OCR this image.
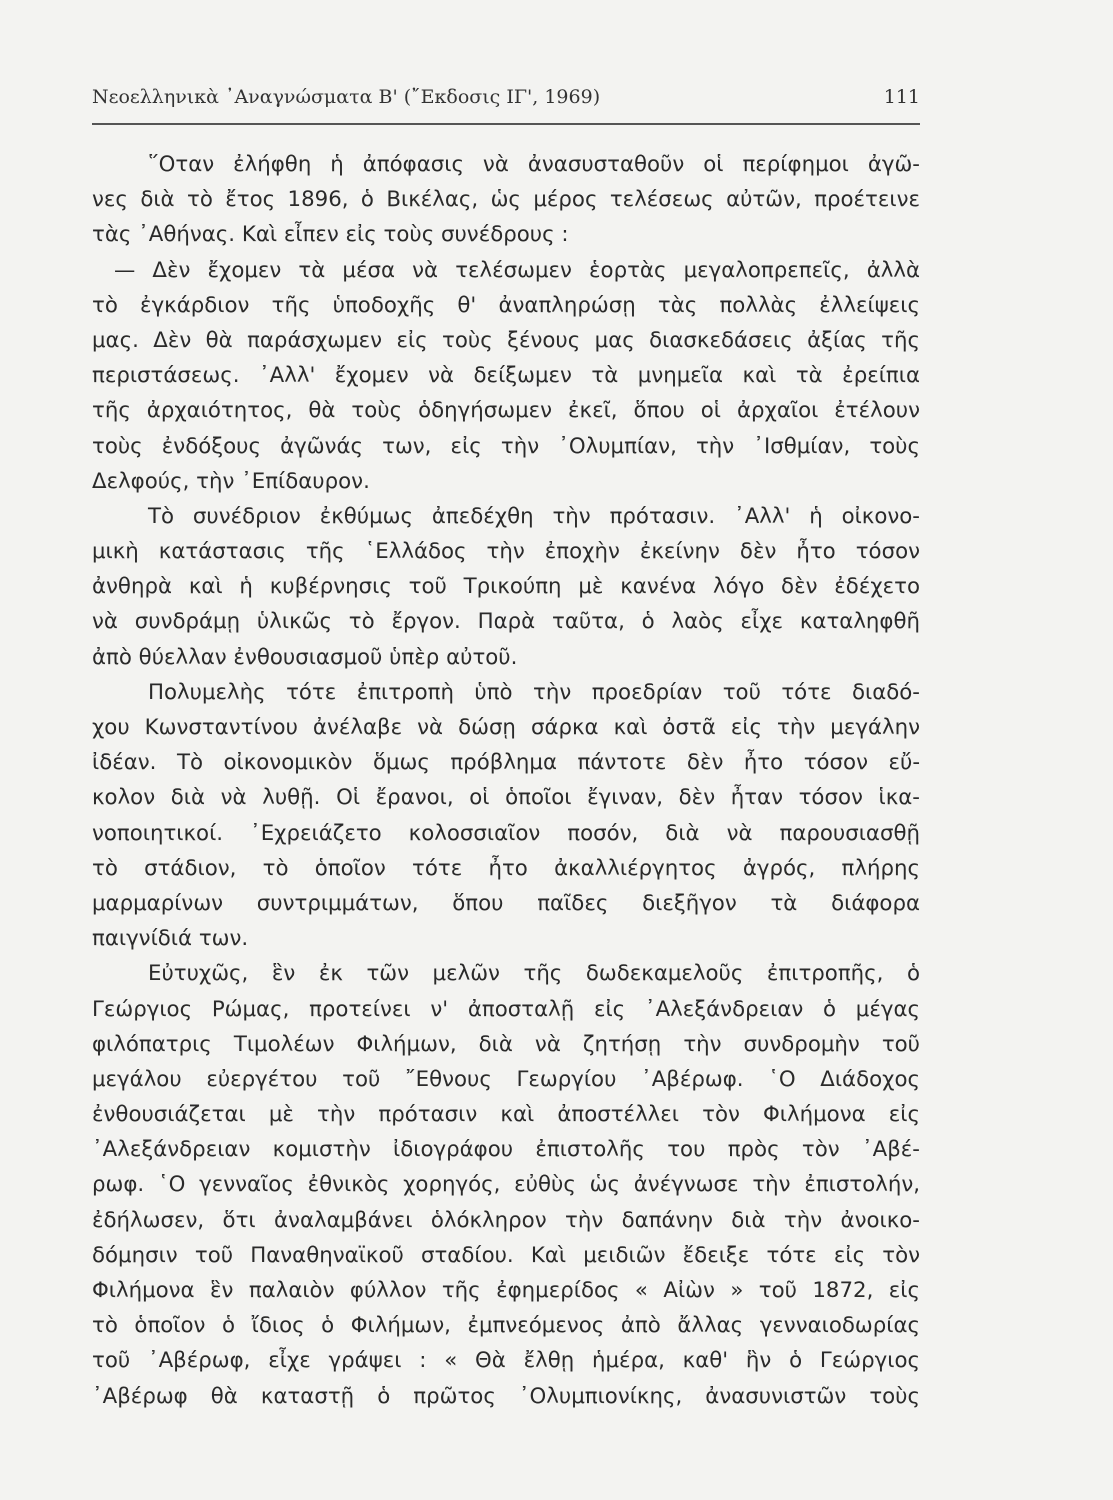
Νεοελληνικὰ ᾿Αναγνώσματα Β' (῎Εκδοσις ΙΓ', 1969)	111
῞Οταν ἐλήφθη ἡ ἀπόφασις νὰ ἀνασυσταθοῦν οἱ περίφημοι ἀγῶ-
νες διὰ τὸ ἔτος 1896, ὁ Βικέλας, ὡς μέρος τελέσεως αὐτῶν, προέτεινε
τὰς ᾿Αθήνας. Καὶ εἶπεν εἰς τοὺς συνέδρους :
— Δὲν ἔχομεν τὰ μέσα νὰ τελέσωμεν ἑορτὰς μεγαλοπρεπεῖς, ἀλλὰ
τὸ ἐγκάρδιον τῆς ὑποδοχῆς θ' ἀναπληρώσῃ τὰς πολλὰς ἐλλείψεις
μας. Δὲν θὰ παράσχωμεν εἰς τοὺς ξένους μας διασκεδάσεις ἀξίας τῆς
περιστάσεως. ᾿Αλλ' ἔχομεν νὰ δείξωμεν τὰ μνημεῖα καὶ τὰ ἐρείπια
τῆς ἀρχαιότητος, θὰ τοὺς ὁδηγήσωμεν ἐκεῖ, ὅπου οἱ ἀρχαῖοι ἐτέλουν
τοὺς ἐνδόξους ἀγῶνάς των, εἰς τὴν ᾿Ολυμπίαν, τὴν ᾿Ισθμίαν, τοὺς
Δελφούς, τὴν ᾿Επίδαυρον.
Τὸ συνέδριον ἐκθύμως ἀπεδέχθη τὴν πρότασιν. ᾿Αλλ' ἡ οἰκονο-
μικὴ κατάστασις τῆς ῾Ελλάδος τὴν ἐποχὴν ἐκείνην δὲν ἦτο τόσον
ἀνθηρὰ καὶ ἡ κυβέρνησις τοῦ Τρικούπη μὲ κανένα λόγο δὲν ἐδέχετο
νὰ συνδράμῃ ὑλικῶς τὸ ἔργον. Παρὰ ταῦτα, ὁ λαὸς εἶχε καταληφθῆ
ἀπὸ θύελλαν ἐνθουσιασμοῦ ὑπὲρ αὐτοῦ.
Πολυμελὴς τότε ἐπιτροπὴ ὑπὸ τὴν προεδρίαν τοῦ τότε διαδό-
χου Κωνσταντίνου ἀνέλαβε νὰ δώσῃ σάρκα καὶ ὀστᾶ εἰς τὴν μεγάλην
ἰδέαν. Τὸ οἰκονομικὸν ὅμως πρόβλημα πάντοτε δὲν ἦτο τόσον εὔ-
κολον διὰ νὰ λυθῇ. Οἱ ἔρανοι, οἱ ὁποῖοι ἔγιναν, δὲν ἦταν τόσον ἱκα-
νοποιητικοί. ᾿Εχρειάζετο κολοσσιαῖον ποσόν, διὰ νὰ παρουσιασθῇ
τὸ στάδιον, τὸ ὁποῖον τότε ἦτο ἀκαλλιέργητος ἀγρός, πλήρης
μαρμαρίνων συντριμμάτων, ὅπου παῖδες διεξῆγον τὰ διάφορα
παιγνίδιά των.
Εὐτυχῶς, ἓν ἐκ τῶν μελῶν τῆς δωδεκαμελοῦς ἐπιτροπῆς, ὁ
Γεώργιος Ρώμας, προτείνει ν' ἀποσταλῇ εἰς ᾿Αλεξάνδρειαν ὁ μέγας
φιλόπατρις Τιμολέων Φιλήμων, διὰ νὰ ζητήσῃ τὴν συνδρομὴν τοῦ
μεγάλου εὐεργέτου τοῦ ῎Εθνους Γεωργίου ᾿Αβέρωφ. ῾Ο Διάδοχος
ἐνθουσιάζεται μὲ τὴν πρότασιν καὶ ἀποστέλλει τὸν Φιλήμονα εἰς
᾿Αλεξάνδρειαν κομιστὴν ἰδιογράφου ἐπιστολῆς του πρὸς τὸν ᾿Αβέ-
ρωφ. ῾Ο γενναῖος ἐθνικὸς χορηγός, εὐθὺς ὡς ἀνέγνωσε τὴν ἐπιστολήν,
ἐδήλωσεν, ὅτι ἀναλαμβάνει ὁλόκληρον τὴν δαπάνην διὰ τὴν ἀνοικο-
δόμησιν τοῦ Παναθηναϊκοῦ σταδίου. Καὶ μειδιῶν ἔδειξε τότε εἰς τὸν
Φιλήμονα ἓν παλαιὸν φύλλον τῆς ἐφημερίδος « Αἰὼν » τοῦ 1872, εἰς
τὸ ὁποῖον ὁ ἴδιος ὁ Φιλήμων, ἐμπνεόμενος ἀπὸ ἄλλας γενναιοδωρίας
τοῦ ᾿Αβέρωφ, εἶχε γράψει : « Θὰ ἔλθῃ ἡμέρα, καθ' ἣν ὁ Γεώργιος
᾿Αβέρωφ θὰ καταστῇ ὁ πρῶτος ᾿Ολυμπιονίκης, ἀνασυνιστῶν τοὺς
